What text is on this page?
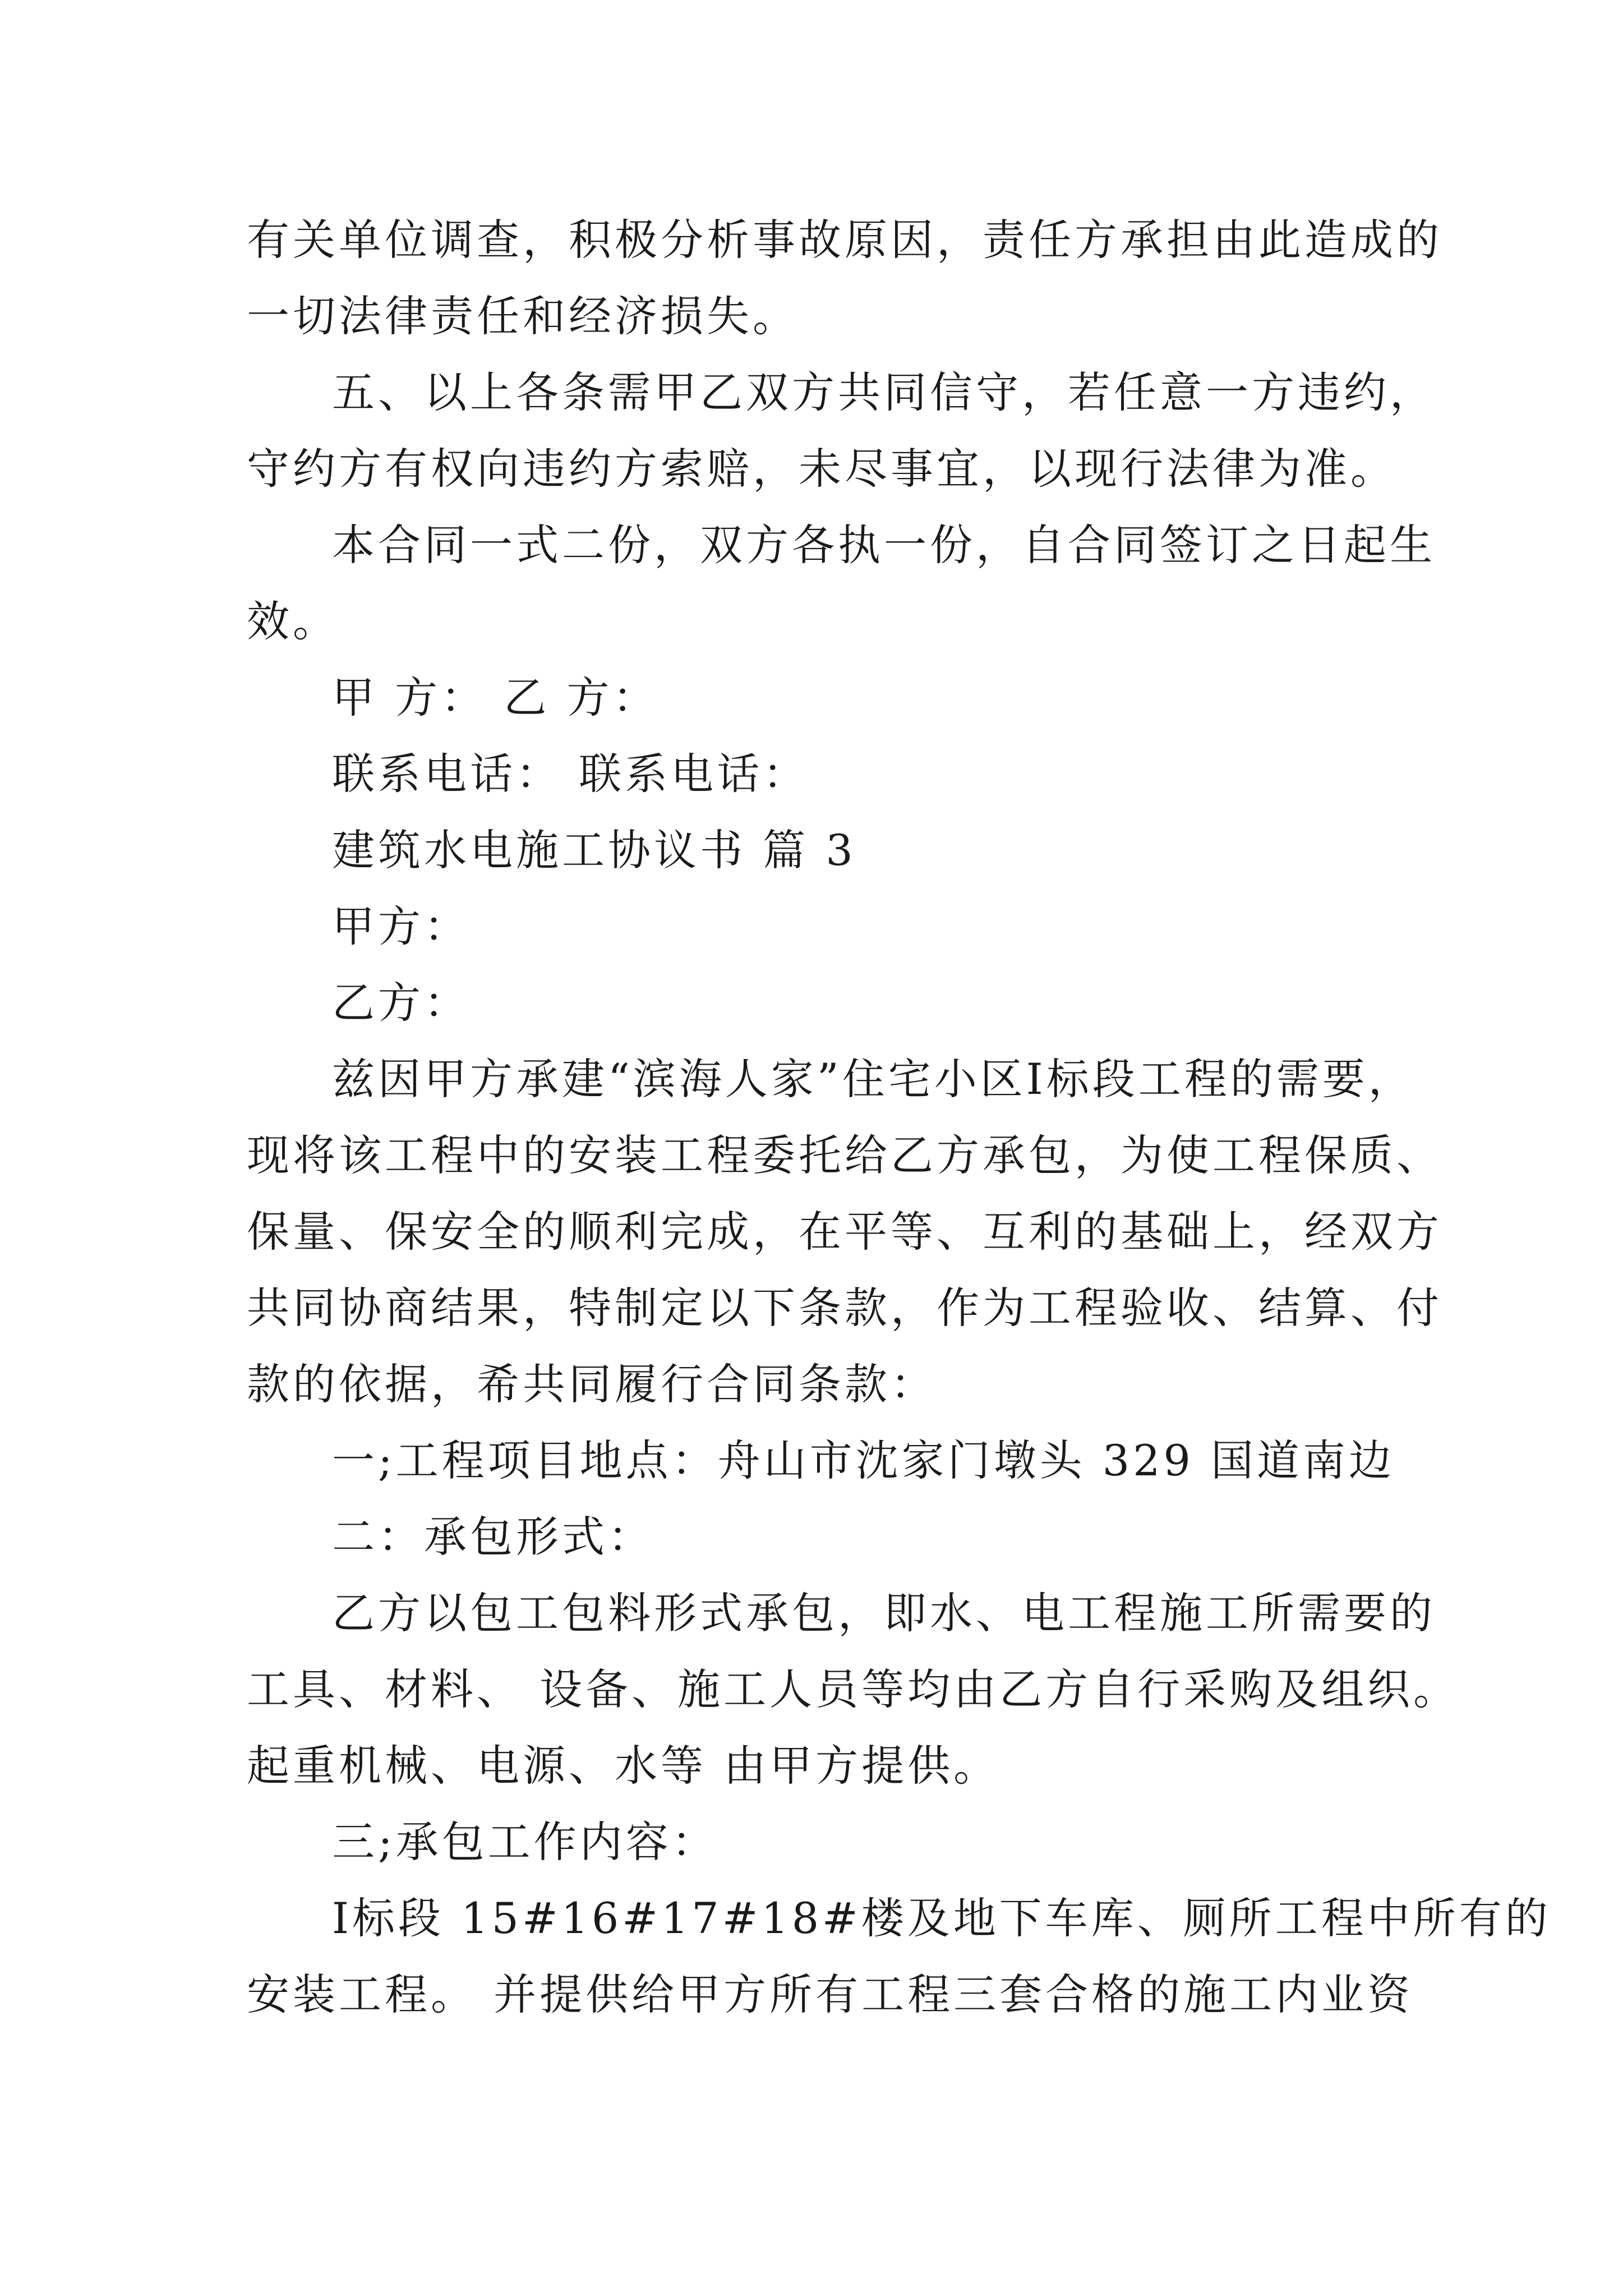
有关单位调查，积极分析事故原因，责任方承担由此造成的
一切法律责任和经济损失。
五、以上各条需甲乙双方共同信守，若任意一方违约，
守约方有权向违约方索赔，未尽事宜，以现行法律为准。
本合同一式二份，双方各执一份，自合同签订之日起生
效。
甲 方： 乙 方：
联系电话： 联系电话：
建筑水电施工协议书 篇 3
甲方：
乙方：
兹因甲方承建“滨海人家”住宅小区Ⅰ标段工程的需要，
现将该工程中的安装工程委托给乙方承包，为使工程保质、
保量、保安全的顺利完成，在平等、互利的基础上，经双方
共同协商结果，特制定以下条款，作为工程验收、结算、付
款的依据，希共同履行合同条款：
一;工程项目地点：舟山市沈家门墩头 329 国道南边
二：承包形式：
乙方以包工包料形式承包，即水、电工程施工所需要的
工具、材料、 设备、施工人员等均由乙方自行采购及组织。
起重机械、电源、水等 由甲方提供。
三;承包工作内容：
Ⅰ标段 15#16#17#18#楼及地下车库、厕所工程中所有的
安装工程。 并提供给甲方所有工程三套合格的施工内业资
